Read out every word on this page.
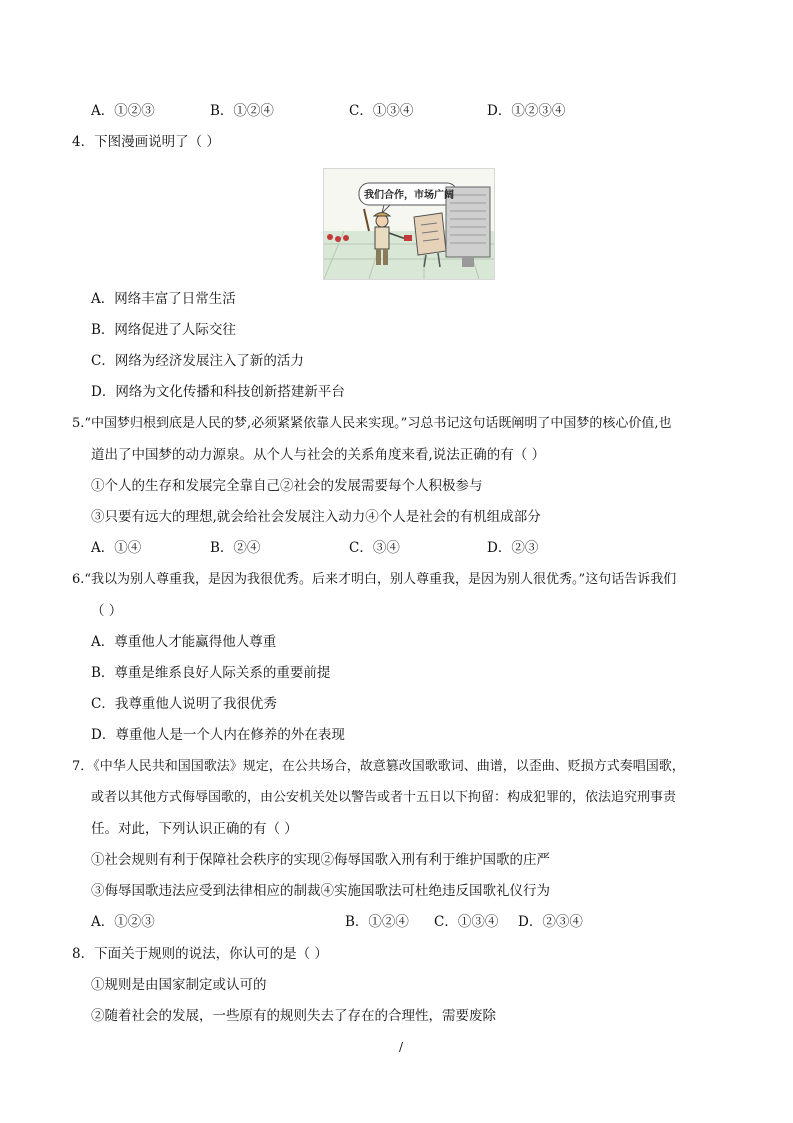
A．①②③	B．①②④	C．①③④	D．①②③④
4．下图漫画说明了（ ）
我们合作，市场广阔
A．网络丰富了日常生活
B．网络促进了人际交往
C．网络为经济发展注入了新的活力
D．网络为文化传播和科技创新搭建新平台
5.“中国梦归根到底是人民的梦,必须紧紧依靠人民来实现。”习总书记这句话既阐明了中国梦的核心价值,也
道出了中国梦的动力源泉。从个人与社会的关系角度来看,说法正确的有（ ）
①个人的生存和发展完全靠自己②社会的发展需要每个人积极参与
③只要有远大的理想,就会给社会发展注入动力④个人是社会的有机组成部分
A．①④	B．②④	C．③④	D．②③
6.“我以为别人尊重我，是因为我很优秀。后来才明白，别人尊重我，是因为别人很优秀。”这句话告诉我们
（ ）
A．尊重他人才能赢得他人尊重
B．尊重是维系良好人际关系的重要前提
C．我尊重他人说明了我很优秀
D．尊重他人是一个人内在修养的外在表现
7．《中华人民共和国国歌法》规定，在公共场合，故意篡改国歌歌词、曲谱，以歪曲、贬损方式奏唱国歌，
或者以其他方式侮辱国歌的，由公安机关处以警告或者十五日以下拘留：构成犯罪的，依法追究刑事责
任。对此，下列认识正确的有（ ）
①社会规则有利于保障社会秩序的实现②侮辱国歌入刑有利于维护国歌的庄严
③侮辱国歌违法应受到法律相应的制裁④实施国歌法可杜绝违反国歌礼仪行为
A．①②③	B．①②④ C．①③④ D．②③④
8．下面关于规则的说法，你认可的是（ ）
①规则是由国家制定或认可的
②随着社会的发展，一些原有的规则失去了存在的合理性，需要废除
/
